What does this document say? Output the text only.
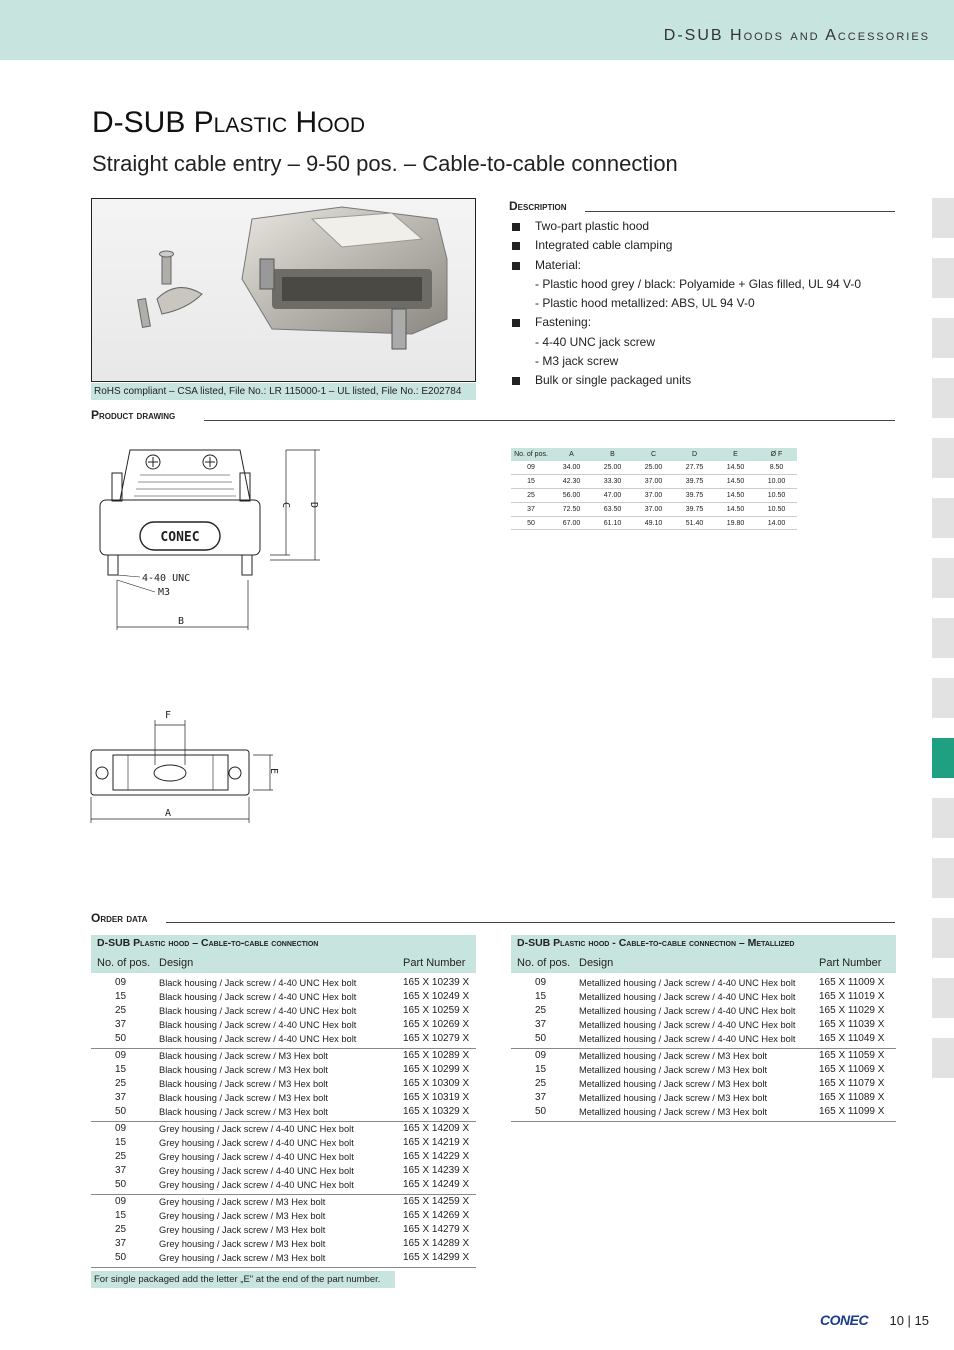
D-SUB Hoods and Accessories
D-SUB Plastic Hood
Straight cable entry – 9-50 pos. – Cable-to-cable connection
RoHS compliant – CSA listed, File No.: LR 115000-1 – UL listed, File No.: E202784
Description
Two-part plastic hood
Integrated cable clamping
Material:
- Plastic hood grey / black: Polyamide + Glas filled, UL 94 V-0
- Plastic hood metallized: ABS, UL 94 V-0
Fastening:
- 4-40 UNC jack screw
- M3 jack screw
Bulk or single packaged units
Product drawing
CONEC
C D
4-40 UNC
M3
B
F
E
A
No. of pos.	A	B	C	D	E	Ø F
09	34.00	25.00	25.00	27.75	14.50	8.50
15	42.30	33.30	37.00	39.75	14.50	10.00
25	56.00	47.00	37.00	39.75	14.50	10.50
37	72.50	63.50	37.00	39.75	14.50	10.50
50	67.00	61.10	49.10	51.40	19.80	14.00
Order data
D-SUB Plastic hood – Cable-to-cable connection
No. of pos. Design	Part Number
09	Black housing / Jack screw / 4-40 UNC Hex bolt	165 X 10239 X
15	Black housing / Jack screw / 4-40 UNC Hex bolt	165 X 10249 X
25	Black housing / Jack screw / 4-40 UNC Hex bolt	165 X 10259 X
37	Black housing / Jack screw / 4-40 UNC Hex bolt	165 X 10269 X
50	Black housing / Jack screw / 4-40 UNC Hex bolt	165 X 10279 X
09	Black housing / Jack screw / M3 Hex bolt	165 X 10289 X
15	Black housing / Jack screw / M3 Hex bolt	165 X 10299 X
25	Black housing / Jack screw / M3 Hex bolt	165 X 10309 X
37	Black housing / Jack screw / M3 Hex bolt	165 X 10319 X
50	Black housing / Jack screw / M3 Hex bolt	165 X 10329 X
09	Grey housing / Jack screw / 4-40 UNC Hex bolt	165 X 14209 X
15	Grey housing / Jack screw / 4-40 UNC Hex bolt	165 X 14219 X
25	Grey housing / Jack screw / 4-40 UNC Hex bolt	165 X 14229 X
37	Grey housing / Jack screw / 4-40 UNC Hex bolt	165 X 14239 X
50	Grey housing / Jack screw / 4-40 UNC Hex bolt	165 X 14249 X
09	Grey housing / Jack screw / M3 Hex bolt	165 X 14259 X
15	Grey housing / Jack screw / M3 Hex bolt	165 X 14269 X
25	Grey housing / Jack screw / M3 Hex bolt	165 X 14279 X
37	Grey housing / Jack screw / M3 Hex bolt	165 X 14289 X
50	Grey housing / Jack screw / M3 Hex bolt	165 X 14299 X
D-SUB Plastic hood - Cable-to-cable connection – Metallized
No. of pos. Design	Part Number
09	Metallized housing / Jack screw / 4-40 UNC Hex bolt 165 X 11009 X
15	Metallized housing / Jack screw / 4-40 UNC Hex bolt 165 X 11019 X
25	Metallized housing / Jack screw / 4-40 UNC Hex bolt 165 X 11029 X
37	Metallized housing / Jack screw / 4-40 UNC Hex bolt 165 X 11039 X
50	Metallized housing / Jack screw / 4-40 UNC Hex bolt 165 X 11049 X
09	Metallized housing / Jack screw / M3 Hex bolt	165 X 11059 X
15	Metallized housing / Jack screw / M3 Hex bolt	165 X 11069 X
25	Metallized housing / Jack screw / M3 Hex bolt	165 X 11079 X
37	Metallized housing / Jack screw / M3 Hex bolt	165 X 11089 X
50	Metallized housing / Jack screw / M3 Hex bolt	165 X 11099 X
For single packaged add the letter „E" at the end of the part number.
CONEC 10 | 15
